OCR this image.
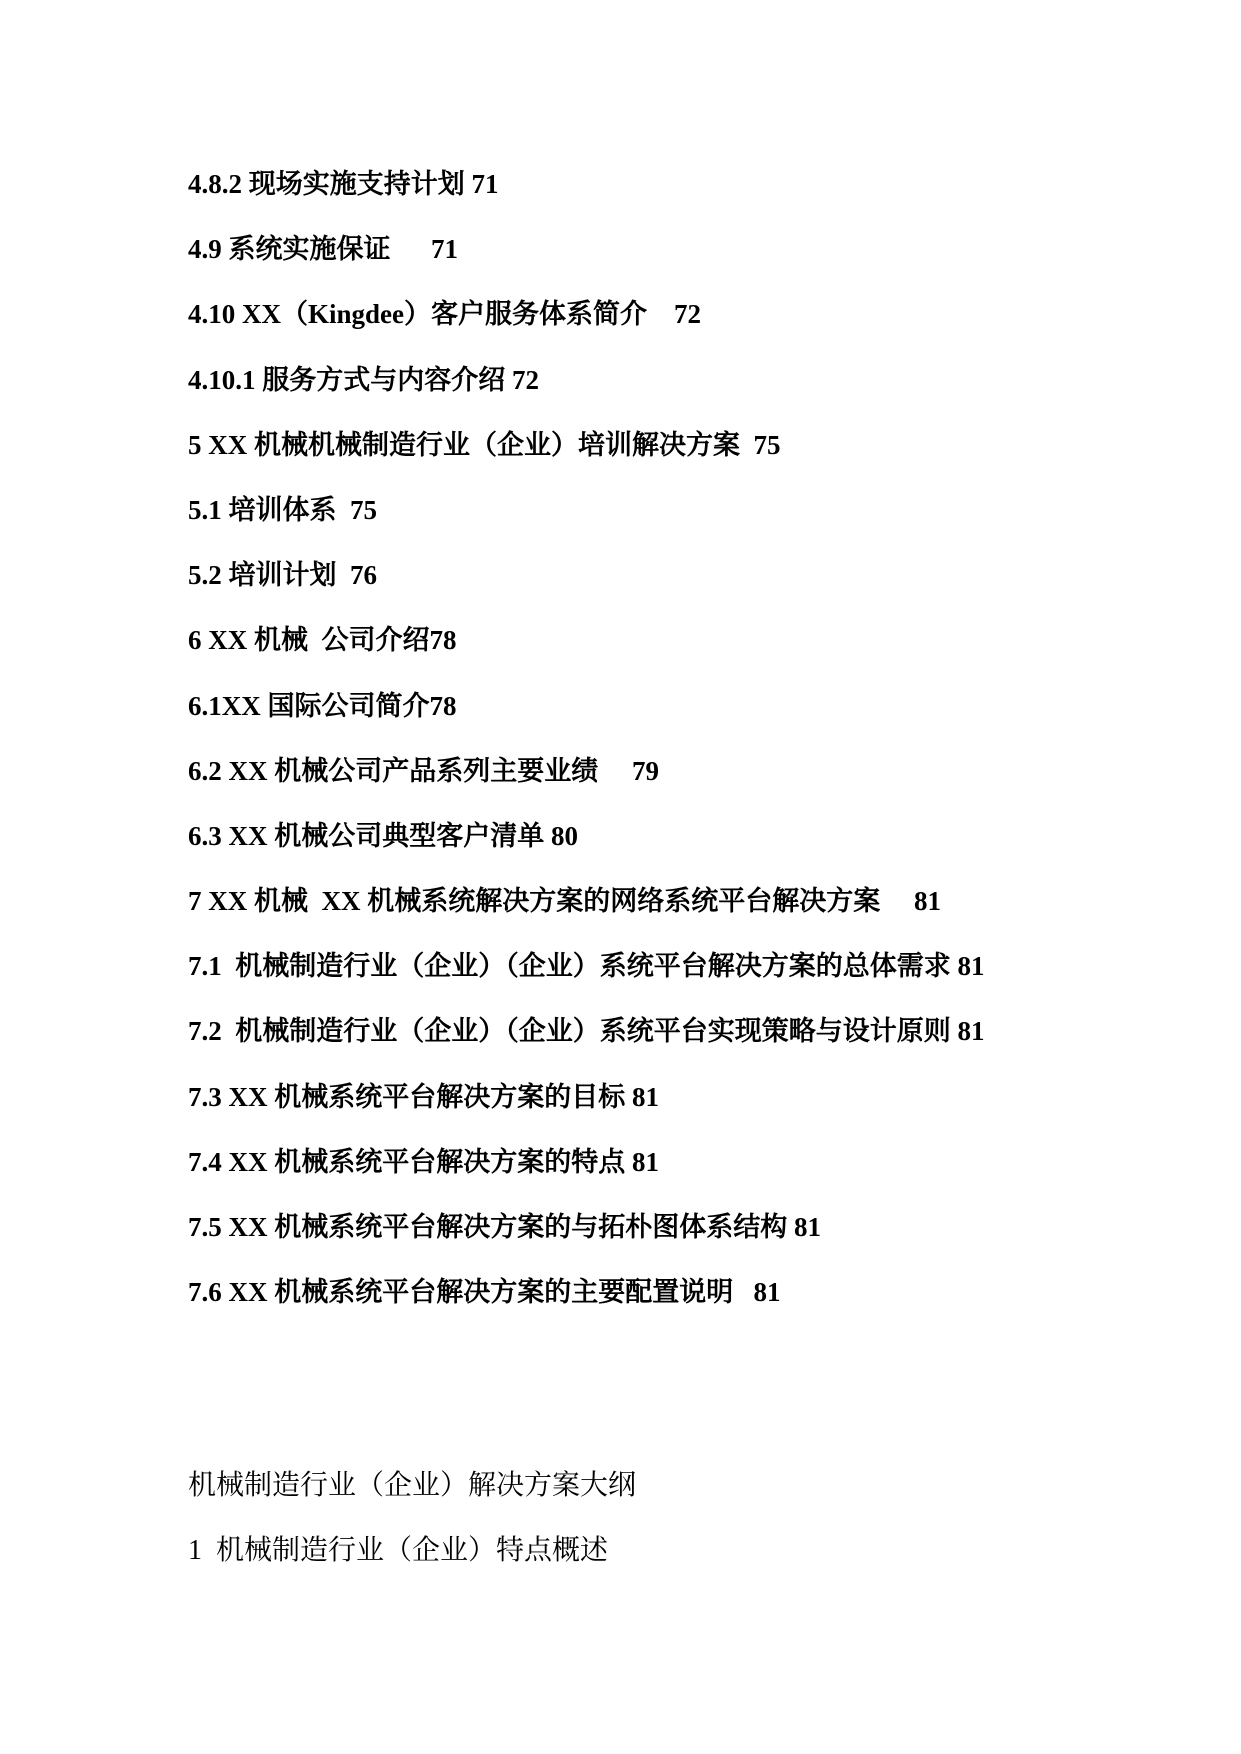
4.8.2 现场实施支持计划 71

4.9 系统实施保证      71

4.10 XX（Kingdee）客户服务体系简介    72

4.10.1 服务方式与内容介绍 72

5 XX 机械机械制造行业（企业）培训解决方案  75

5.1 培训体系  75

5.2 培训计划  76

6 XX 机械  公司介绍78

6.1XX 国际公司简介78

6.2 XX 机械公司产品系列主要业绩     79

6.3 XX 机械公司典型客户清单 80

7 XX 机械  XX 机械系统解决方案的网络系统平台解决方案     81

7.1  机械制造行业（企业）（企业）系统平台解决方案的总体需求 81

7.2  机械制造行业（企业）（企业）系统平台实现策略与设计原则 81

7.3 XX 机械系统平台解决方案的目标 81

7.4 XX 机械系统平台解决方案的特点 81

7.5 XX 机械系统平台解决方案的与拓朴图体系结构 81

7.6 XX 机械系统平台解决方案的主要配置说明   81

机械制造行业（企业）解决方案大纲

1  机械制造行业（企业）特点概述
